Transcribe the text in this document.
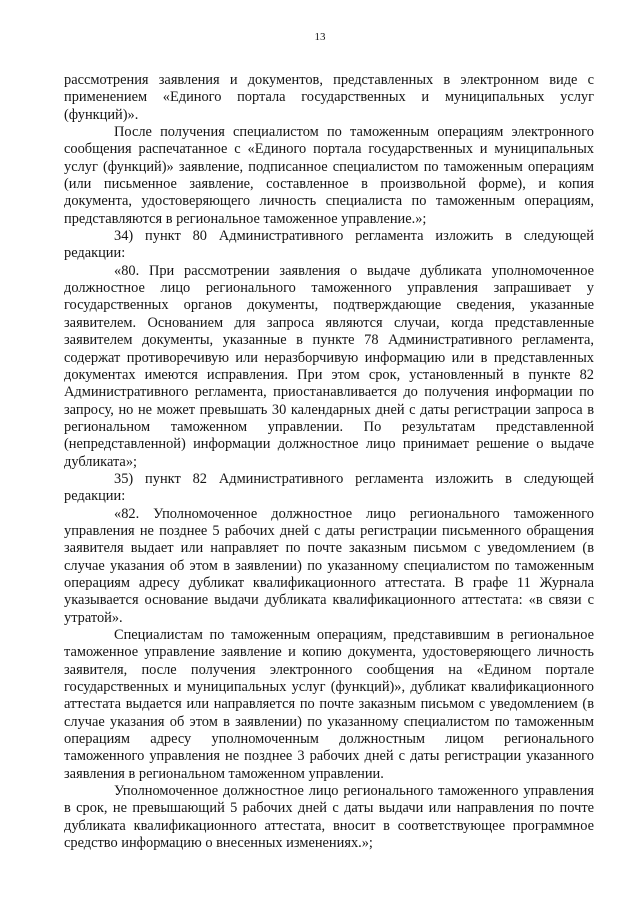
13

рассмотрения заявления и документов, представленных в электронном виде с применением «Единого портала государственных и муниципальных услуг (функций)».

После получения специалистом по таможенным операциям электронного сообщения распечатанное с «Единого портала государственных и муниципальных услуг (функций)» заявление, подписанное специалистом по таможенным операциям (или письменное заявление, составленное в произвольной форме), и копия документа, удостоверяющего личность специалиста по таможенным операциям, представляются в региональное таможенное управление.»;

34) пункт 80 Административного регламента изложить в следующей редакции:

«80. При рассмотрении заявления о выдаче дубликата уполномоченное должностное лицо регионального таможенного управления запрашивает у государственных органов документы, подтверждающие сведения, указанные заявителем. Основанием для запроса являются случаи, когда представленные заявителем документы, указанные в пункте 78 Административного регламента, содержат противоречивую или неразборчивую информацию или в представленных документах имеются исправления. При этом срок, установленный в пункте 82 Административного регламента, приостанавливается до получения информации по запросу, но не может превышать 30 календарных дней с даты регистрации запроса в региональном таможенном управлении. По результатам представленной (непредставленной) информации должностное лицо принимает решение о выдаче дубликата»;

35) пункт 82 Административного регламента изложить в следующей редакции:

«82. Уполномоченное должностное лицо регионального таможенного управления не позднее 5 рабочих дней с даты регистрации письменного обращения заявителя выдает или направляет по почте заказным письмом с уведомлением (в случае указания об этом в заявлении) по указанному специалистом по таможенным операциям адресу дубликат квалификационного аттестата. В графе 11 Журнала указывается основание выдачи дубликата квалификационного аттестата: «в связи с утратой».

Специалистам по таможенным операциям, представившим в региональное таможенное управление заявление и копию документа, удостоверяющего личность заявителя, после получения электронного сообщения на «Едином портале государственных и муниципальных услуг (функций)», дубликат квалификационного аттестата выдается или направляется по почте заказным письмом с уведомлением (в случае указания об этом в заявлении) по указанному специалистом по таможенным операциям адресу уполномоченным должностным лицом регионального таможенного управления не позднее 3 рабочих дней с даты регистрации указанного заявления в региональном таможенном управлении.

Уполномоченное должностное лицо регионального таможенного управления в срок, не превышающий 5 рабочих дней с даты выдачи или направления по почте дубликата квалификационного аттестата, вносит в соответствующее программное средство информацию о внесенных изменениях.»;
